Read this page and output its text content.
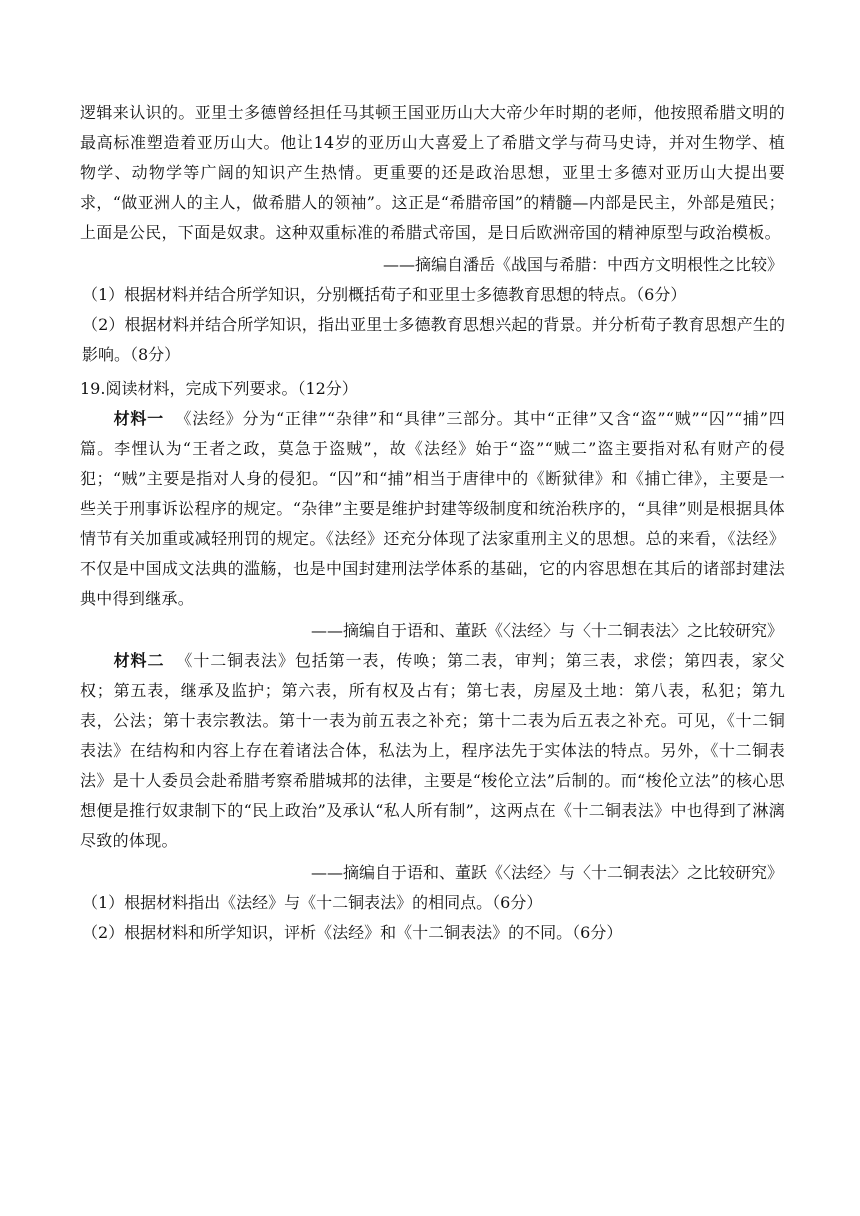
逻辑来认识的。亚里士多德曾经担任马其顿王国亚历山大大帝少年时期的老师，他按照希腊文明的最高标准塑造着亚历山大。他让14岁的亚历山大喜爱上了希腊文学与荷马史诗，并对生物学、植物学、动物学等广阔的知识产生热情。更重要的还是政治思想，亚里士多德对亚历山大提出要求，“做亚洲人的主人，做希腊人的领袖”。这正是“希腊帝国”的精髓—内部是民主，外部是殖民；上面是公民，下面是奴隶。这种双重标准的希腊式帝国，是日后欧洲帝国的精神原型与政治模板。

——摘编自潘岳《战国与希腊：中西方文明根性之比较》

（1）根据材料并结合所学知识，分别概括荀子和亚里士多德教育思想的特点。（6分）

（2）根据材料并结合所学知识，指出亚里士多德教育思想兴起的背景。并分析荀子教育思想产生的影响。（8分）

19.阅读材料，完成下列要求。（12分）

材料一 《法经》分为“正律”“杂律”和“具律”三部分。其中“正律”又含“盗”“贼”“囚”“捕”四篇。李悝认为“王者之政，莫急于盗贼”，故《法经》始于“盗”“贼二”盗主要指对私有财产的侵犯；“贼”主要是指对人身的侵犯。“囚”和“捕”相当于唐律中的《断狱律》和《捕亡律》，主要是一些关于刑事诉讼程序的规定。“杂律”主要是维护封建等级制度和统治秩序的，“具律”则是根据具体情节有关加重或减轻刑罚的规定。《法经》还充分体现了法家重刑主义的思想。总的来看，《法经》不仅是中国成文法典的滥觞，也是中国封建刑法学体系的基础，它的内容思想在其后的诸部封建法典中得到继承。

——摘编自于语和、董跃《〈法经〉与〈十二铜表法〉之比较研究》

材料二 《十二铜表法》包括第一表，传唤；第二表，审判；第三表，求偿；第四表，家父权；第五表，继承及监护；第六表，所有权及占有；第七表，房屋及土地：第八表，私犯；第九表，公法；第十表宗教法。第十一表为前五表之补充；第十二表为后五表之补充。可见，《十二铜表法》在结构和内容上存在着诸法合体，私法为上，程序法先于实体法的特点。另外，《十二铜表法》是十人委员会赴希腊考察希腊城邦的法律，主要是“梭伦立法”后制的。而“梭伦立法”的核心思想便是推行奴隶制下的“民上政治”及承认“私人所有制”，这两点在《十二铜表法》中也得到了淋漓尽致的体现。

——摘编自于语和、董跃《〈法经〉与〈十二铜表法〉之比较研究》

（1）根据材料指出《法经》与《十二铜表法》的相同点。（6分）

（2）根据材料和所学知识，评析《法经》和《十二铜表法》的不同。（6分）
